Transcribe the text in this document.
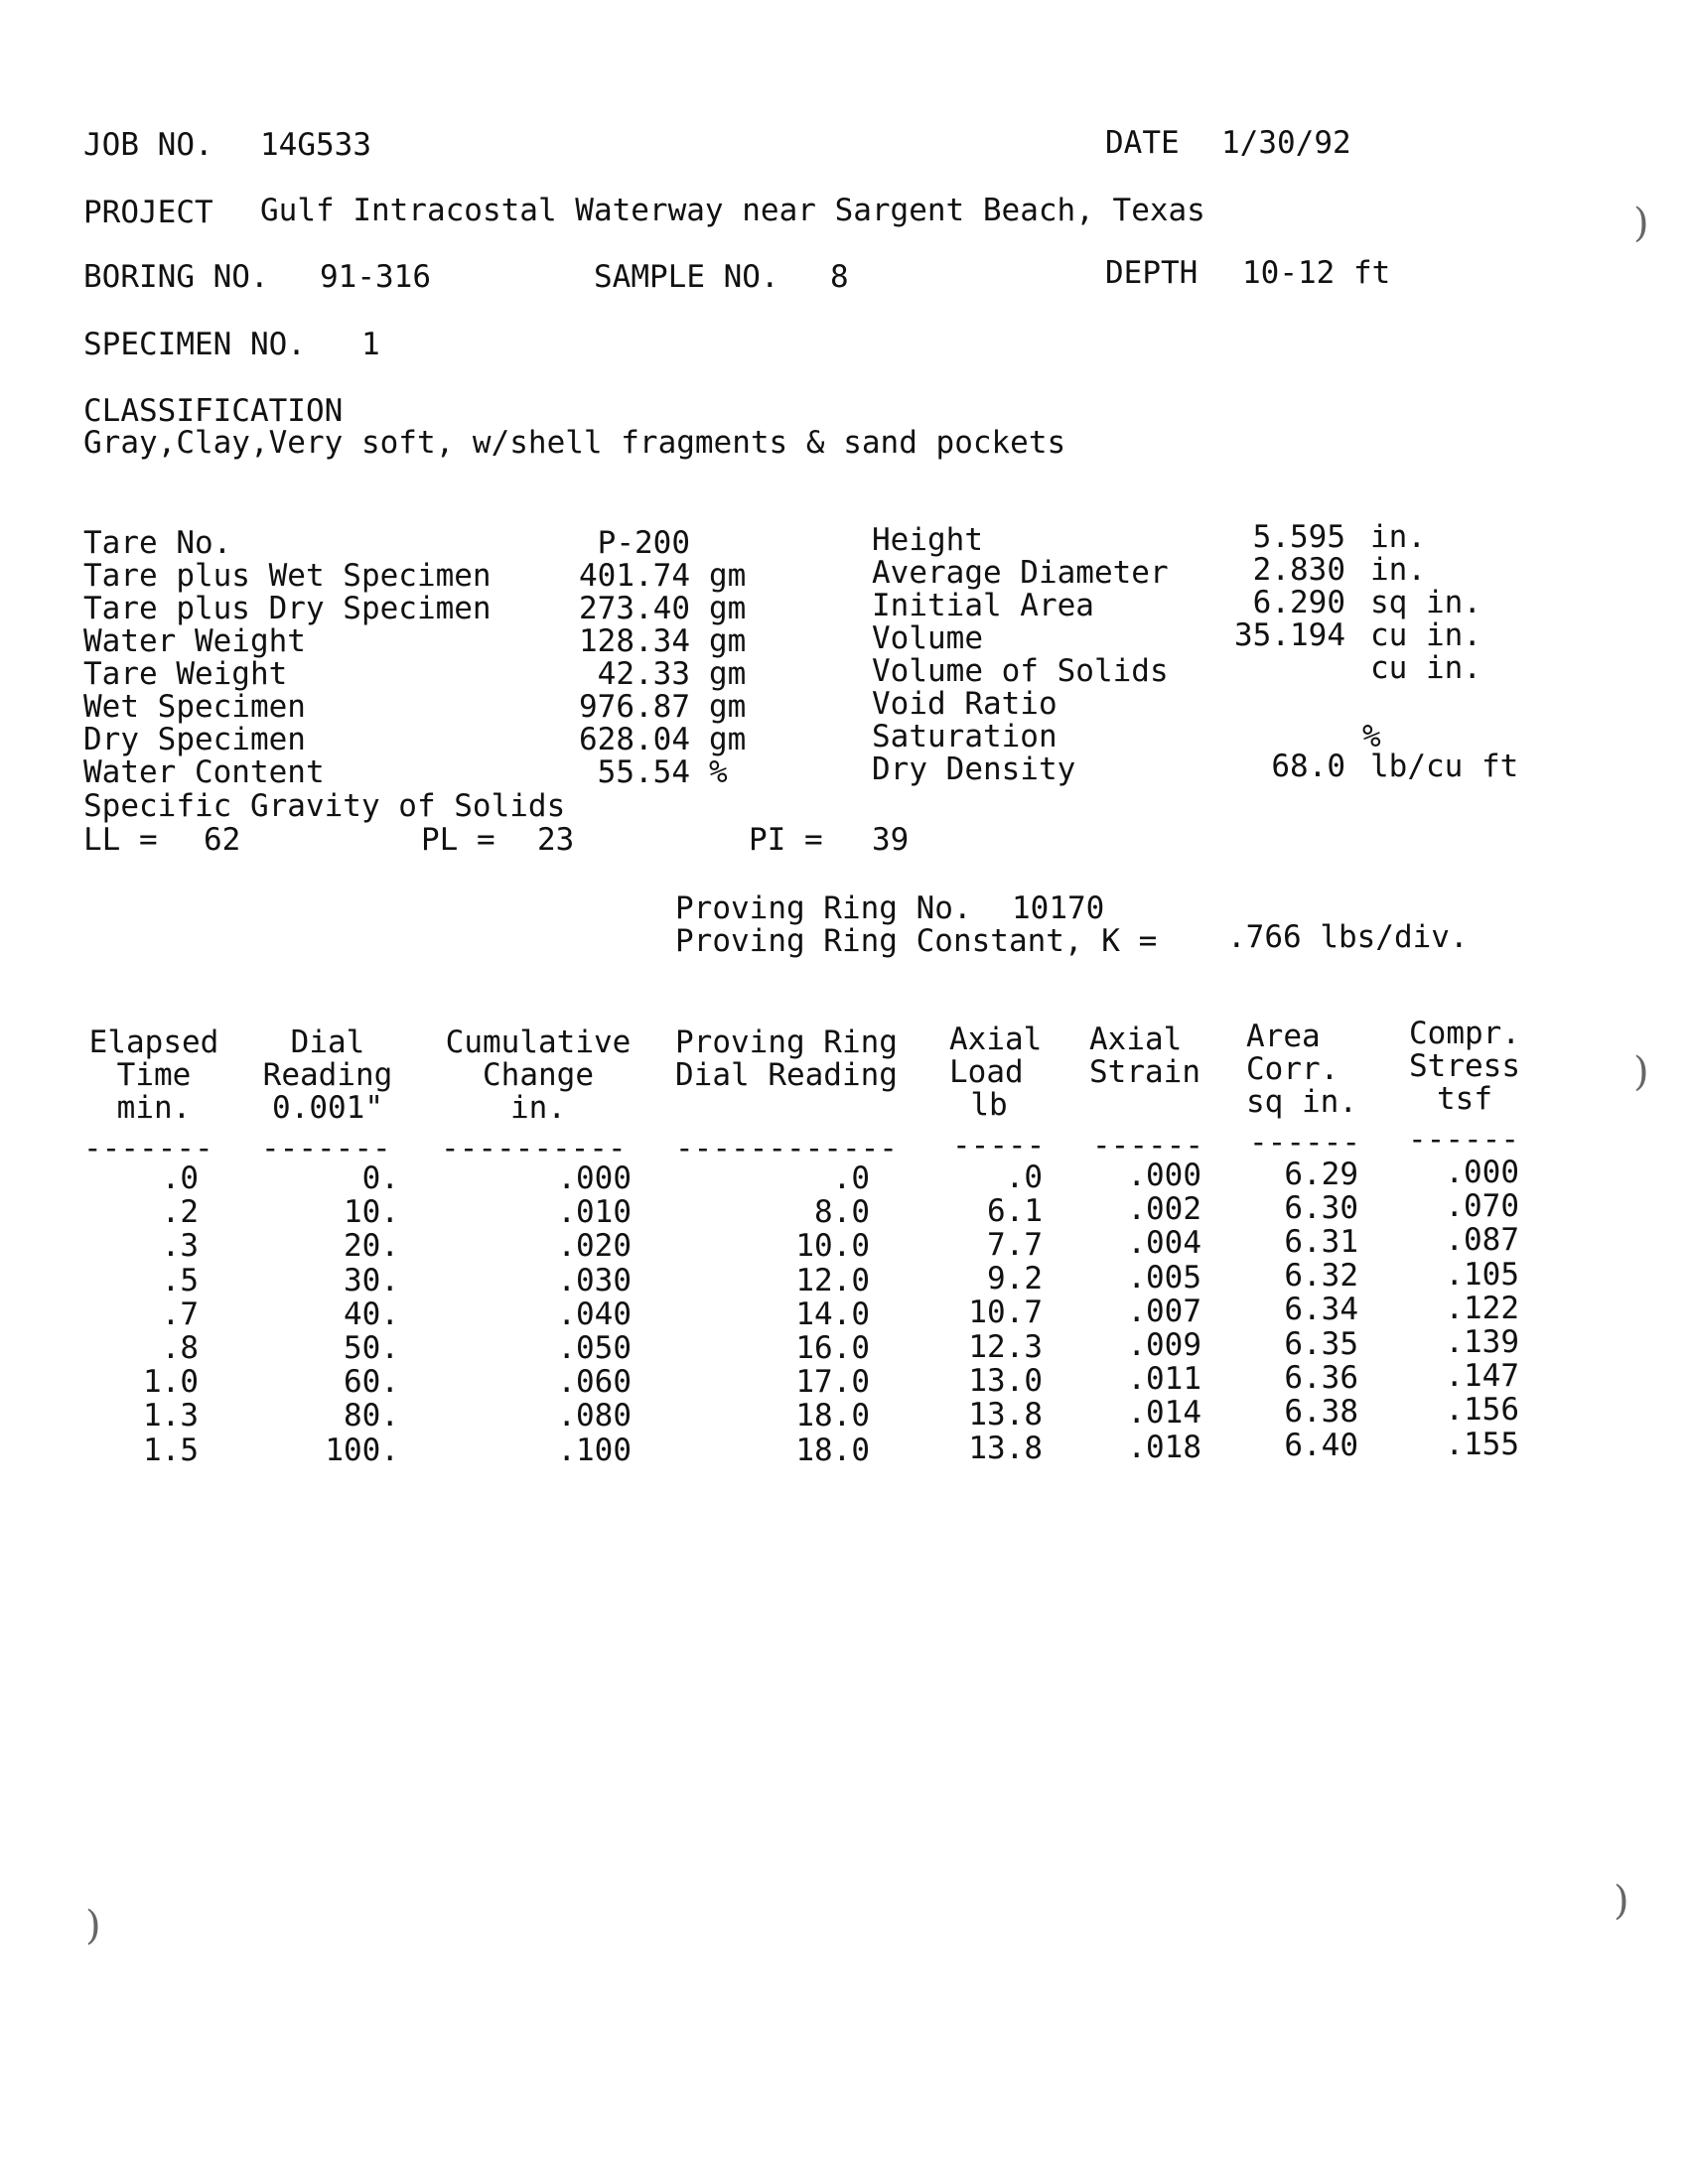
JOB NO. 14G533	DATE 1/30/92
PROJECT Gulf Intracostal Waterway near Sargent Beach, Texas
BORING NO. 91-316	SAMPLE NO. 8	DEPTH 10-12 ft
SPECIMEN NO. 1
CLASSIFICATION
Gray,Clay,Very soft, w/shell fragments & sand pockets
Tare No.	P-200
Tare plus Wet Specimen	401.74 gm
Tare plus Dry Specimen	273.40 gm
Water Weight	128.34 gm
Tare Weight	42.33 gm
Wet Specimen	976.87 gm
Dry Specimen	628.04 gm
Water Content	55.54 %
Height	5.595 in.
Average Diameter	2.830 in.
Initial Area	6.290 sq in.
Volume	35.194 cu in.
Volume of Solids	cu in.
Void Ratio
Saturation	%
Dry Density	68.0 lb/cu ft
Specific Gravity of Solids
LL = 62	PL = 23	PI = 39
Proving Ring No. 10170
Proving Ring Constant, K = .766 lbs/div.
Elapsed
Time
min.
Dial
Reading
0.001"
Cumulative
Change
in.
Proving Ring
Dial Reading
Axial
Load
lb
Axial
Strain
Area
Corr.
sq in.
Compr.
Stress
tsf
------- ------- ---------- ------------ ----- ------ ------ ------
.0	0.	.000	.0	.0	.000	6.29	.000
.2	10.	.010	8.0	6.1	.002	6.30	.070
.3	20.	.020	10.0	7.7	.004	6.31	.087
.5	30.	.030	12.0	9.2	.005	6.32	.105
.7	40.	.040	14.0	10.7	.007	6.34	.122
.8	50.	.050	16.0	12.3	.009	6.35	.139
1.0	60.	.060	17.0	13.0	.011	6.36	.147
1.3	80.	.080	18.0	13.8	.014	6.38	.156
1.5	100.	.100	18.0	13.8	.018	6.40	.155
)
)
)
)
